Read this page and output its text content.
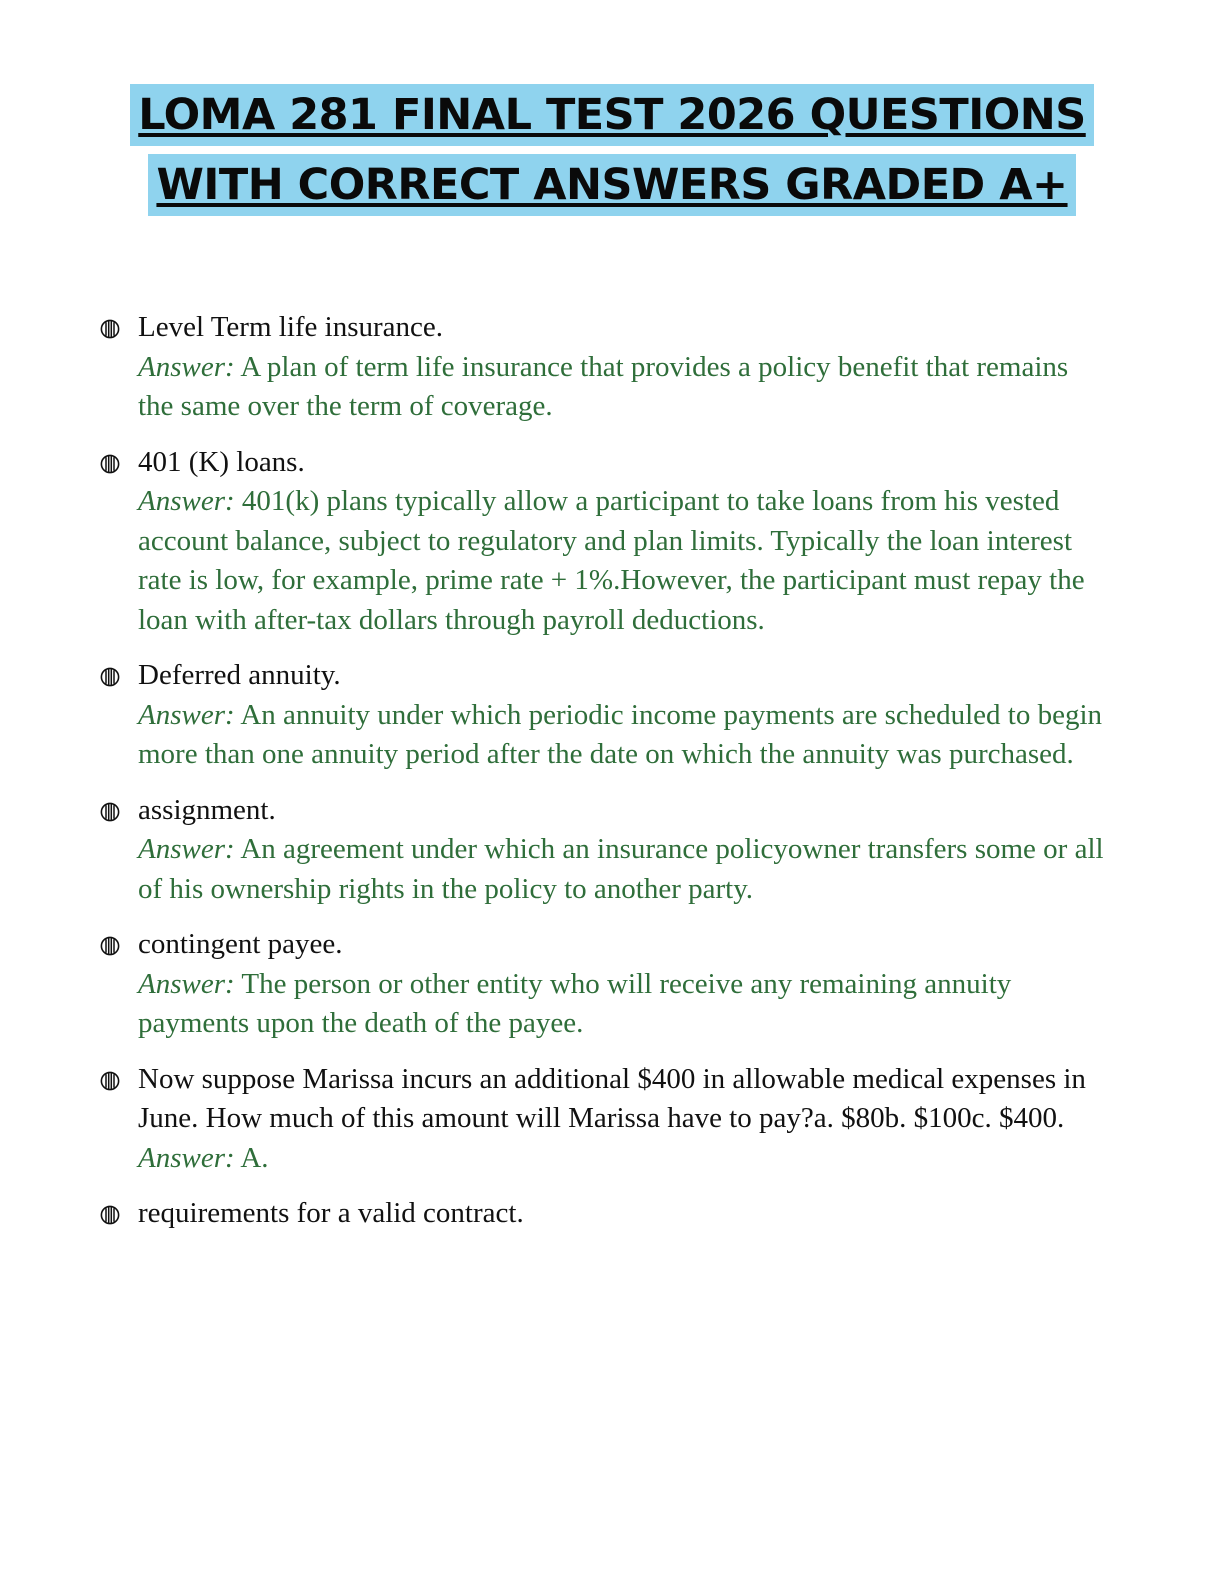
LOMA 281 FINAL TEST 2026 QUESTIONS
WITH CORRECT ANSWERS GRADED A+
Level Term life insurance.
Answer: A plan of term life insurance that provides a policy benefit that remains the same over the term of coverage.
401 (K) loans.
Answer: 401(k) plans typically allow a participant to take loans from his vested account balance, subject to regulatory and plan limits. Typically the loan interest rate is low, for example, prime rate + 1%.However, the participant must repay the loan with after-tax dollars through payroll deductions.
Deferred annuity.
Answer: An annuity under which periodic income payments are scheduled to begin more than one annuity period after the date on which the annuity was purchased.
assignment.
Answer: An agreement under which an insurance policyowner transfers some or all of his ownership rights in the policy to another party.
contingent payee.
Answer: The person or other entity who will receive any remaining annuity payments upon the death of the payee.
Now suppose Marissa incurs an additional $400 in allowable medical expenses in June. How much of this amount will Marissa have to pay?a. $80b. $100c. $400.
Answer: A.
requirements for a valid contract.
